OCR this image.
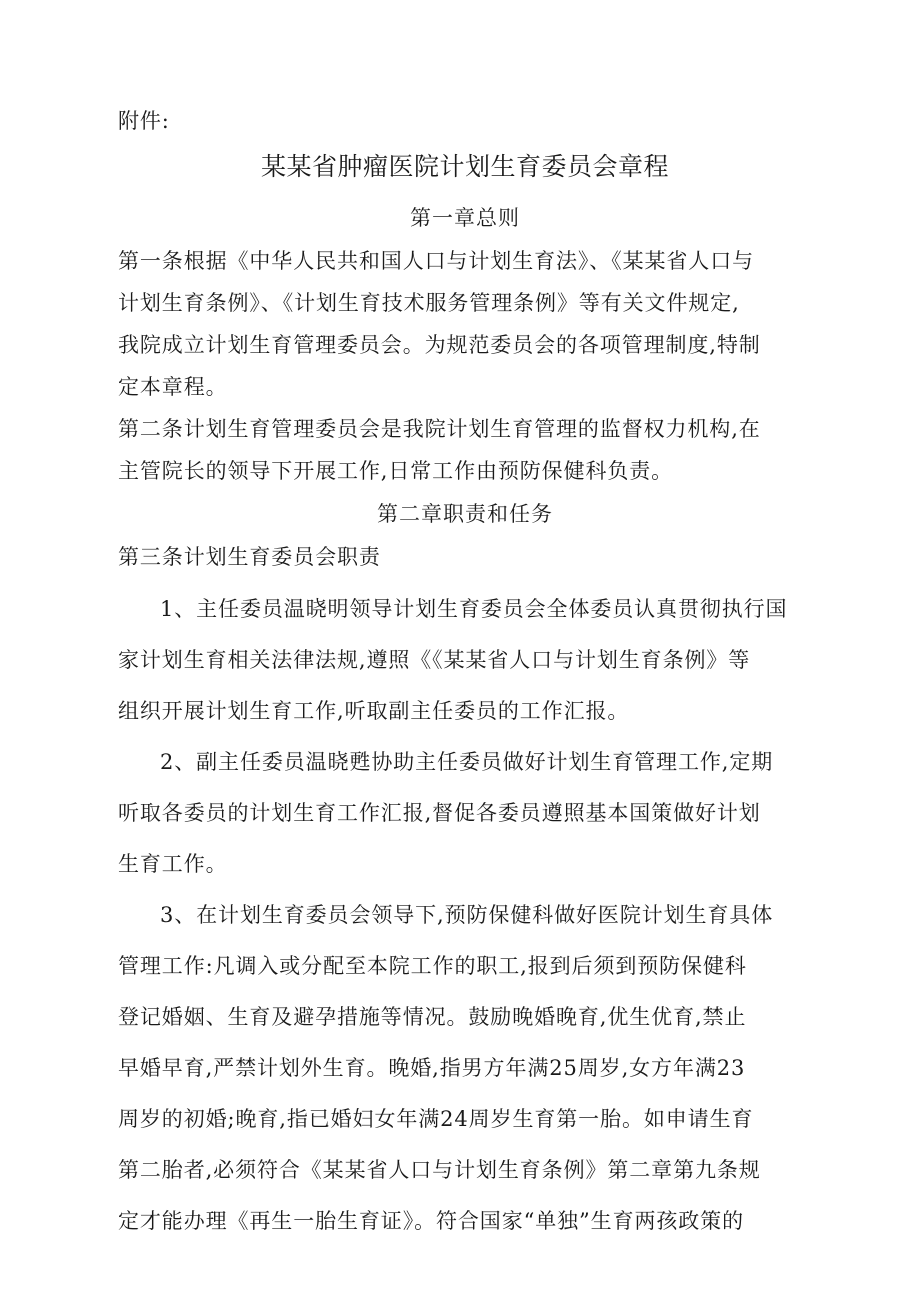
附件:
某某省肿瘤医院计划生育委员会章程
第一章总则
第一条根据《中华人民共和国人口与计划生育法》、《某某省人口与
计划生育条例》、《计划生育技术服务管理条例》等有关文件规定,
我院成立计划生育管理委员会。为规范委员会的各项管理制度,特制
定本章程。
第二条计划生育管理委员会是我院计划生育管理的监督权力机构,在
主管院长的领导下开展工作,日常工作由预防保健科负责。
第二章职责和任务
第三条计划生育委员会职责
1、主任委员温晓明领导计划生育委员会全体委员认真贯彻执行国
家计划生育相关法律法规,遵照《《某某省人口与计划生育条例》等
组织开展计划生育工作,听取副主任委员的工作汇报。
2、副主任委员温晓甦协助主任委员做好计划生育管理工作,定期
听取各委员的计划生育工作汇报,督促各委员遵照基本国策做好计划
生育工作。
3、在计划生育委员会领导下,预防保健科做好医院计划生育具体
管理工作:凡调入或分配至本院工作的职工,报到后须到预防保健科
登记婚姻、生育及避孕措施等情况。鼓励晚婚晚育,优生优育,禁止
早婚早育,严禁计划外生育。晚婚,指男方年满25周岁,女方年满23
周岁的初婚;晚育,指已婚妇女年满24周岁生育第一胎。如申请生育
第二胎者,必须符合《某某省人口与计划生育条例》第二章第九条规
定才能办理《再生一胎生育证》。符合国家“单独”生育两孩政策的
